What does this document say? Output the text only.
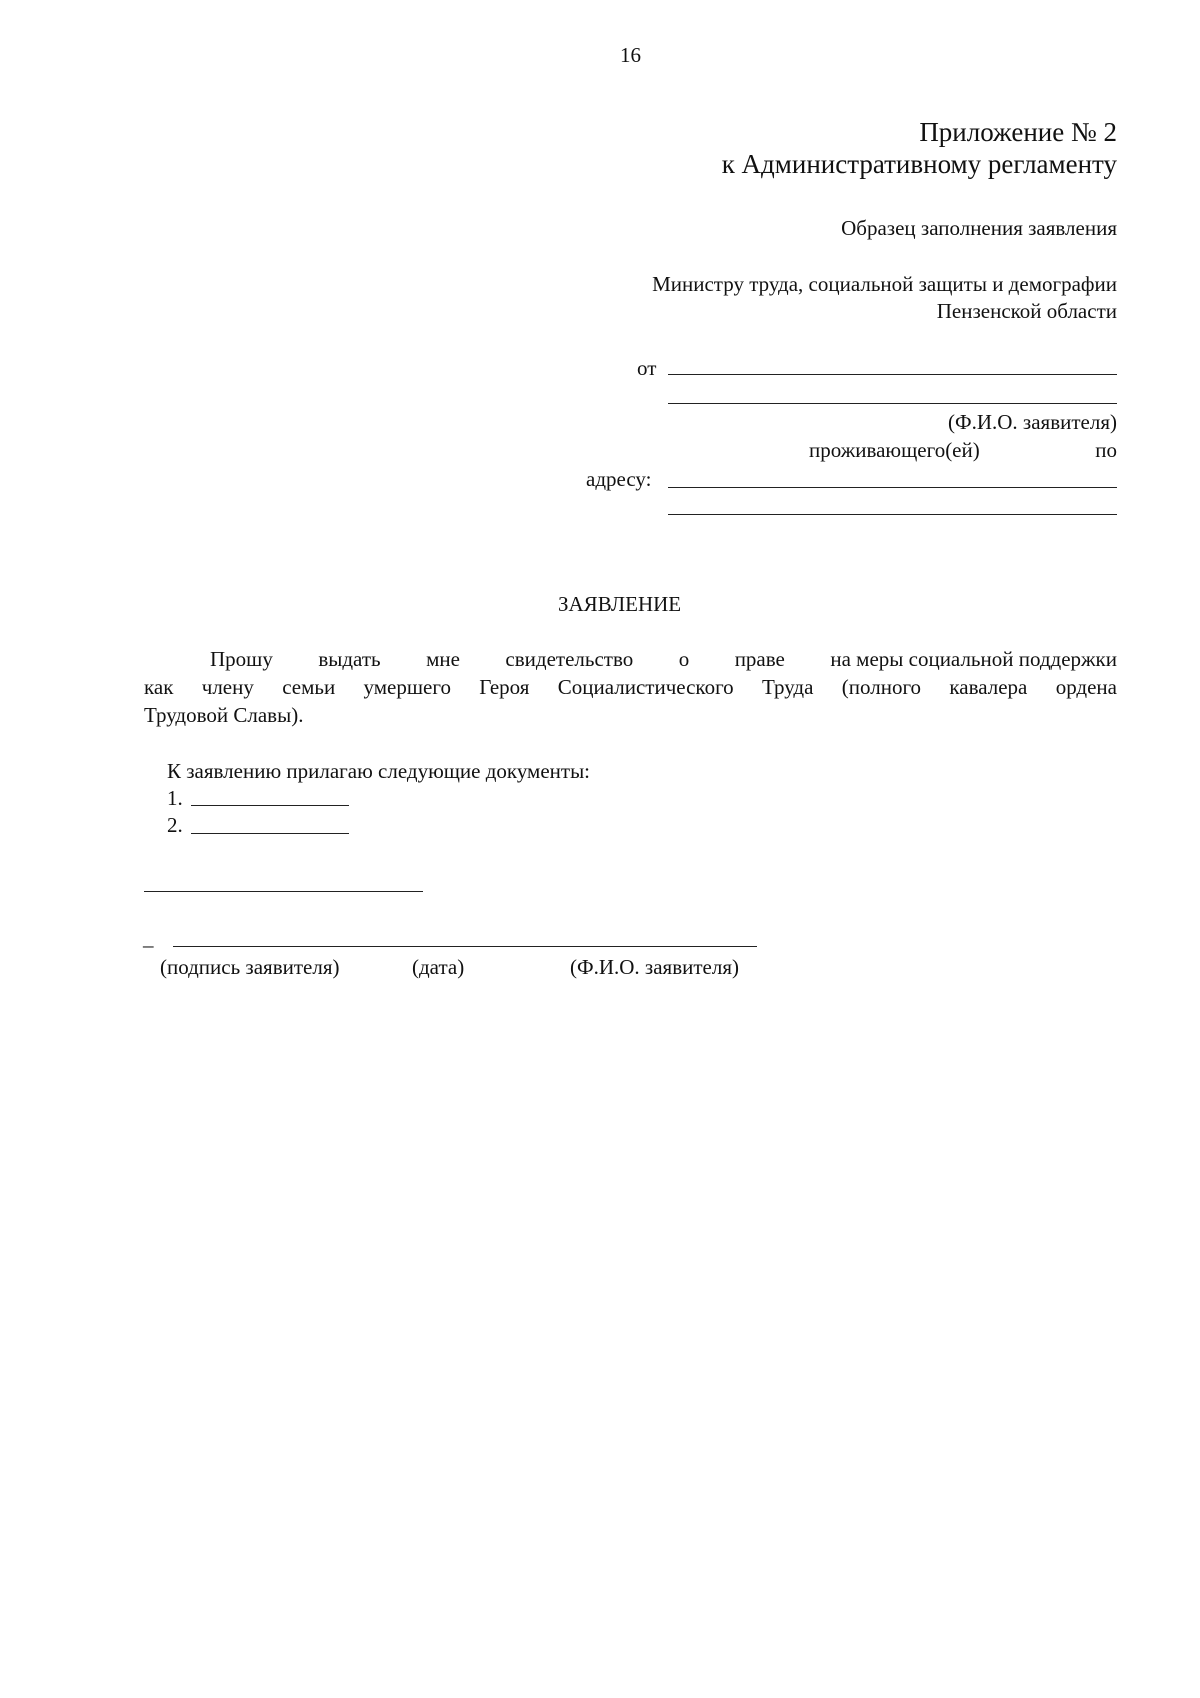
16
Приложение № 2
к Административному регламенту
Образец заполнения заявления
Министру труда, социальной защиты и демографии
Пензенской области
от
(Ф.И.О. заявителя)
проживающего(ей)	по
адресу:
ЗАЯВЛЕНИЕ
Прошу выдать мне свидетельство о праве на меры социальной поддержки
как члену семьи умершего Героя Социалистического Труда (полного кавалера ордена
Трудовой Славы).
К заявлению прилагаю следующие документы:
1.
2.
_
(подпись заявителя)	(дата)	(Ф.И.О. заявителя)
